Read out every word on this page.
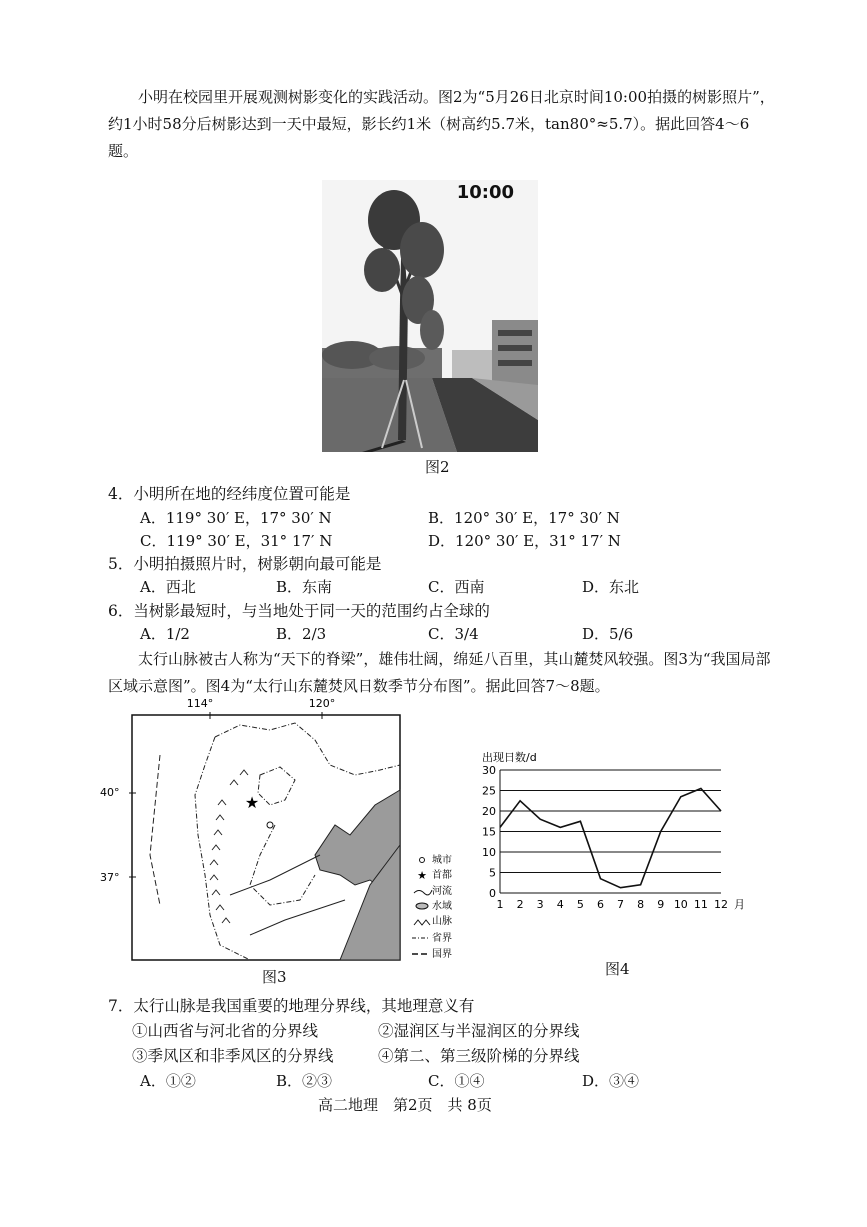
小明在校园里开展观测树影变化的实践活动。图2为“5月26日北京时间10:00拍摄的树影照片”，约1小时58分后树影达到一天中最短，影长约1米（树高约5.7米，tan80°≈5.7）。据此回答4～6题。
10:00
图2
4．小明所在地的经纬度位置可能是
A．119° 30′ E，17° 30′ N	B．120° 30′ E，17° 30′ N
C．119° 30′ E，31° 17′ N	D．120° 30′ E，31° 17′ N
5．小明拍摄照片时，树影朝向最可能是
A．西北	B．东南	C．西南	D．东北
6．当树影最短时，与当地处于同一天的范围约占全球的
A．1/2	B．2/3	C．3/4	D．5/6
太行山脉被古人称为“天下的脊梁”，雄伟壮阔，绵延八百里，其山麓焚风较强。图3为“我国局部区域示意图”。图4为“太行山东麓焚风日数季节分布图”。据此回答7～8题。
114°	120°
40°
37°
★
城市
★ 首都
河流
水域
山脉
省界
国界
图3
出现日数/d
0
5
10
15
20
25
30
1 2 3 4 5 6 7 8 9 10 11 12 月
图4
7．太行山脉是我国重要的地理分界线，其地理意义有
①山西省与河北省的分界线	②湿润区与半湿润区的分界线
③季风区和非季风区的分界线	④第二、第三级阶梯的分界线
A．①②	B．②③	C．①④	D．③④
高二地理　第2页　共 8页
